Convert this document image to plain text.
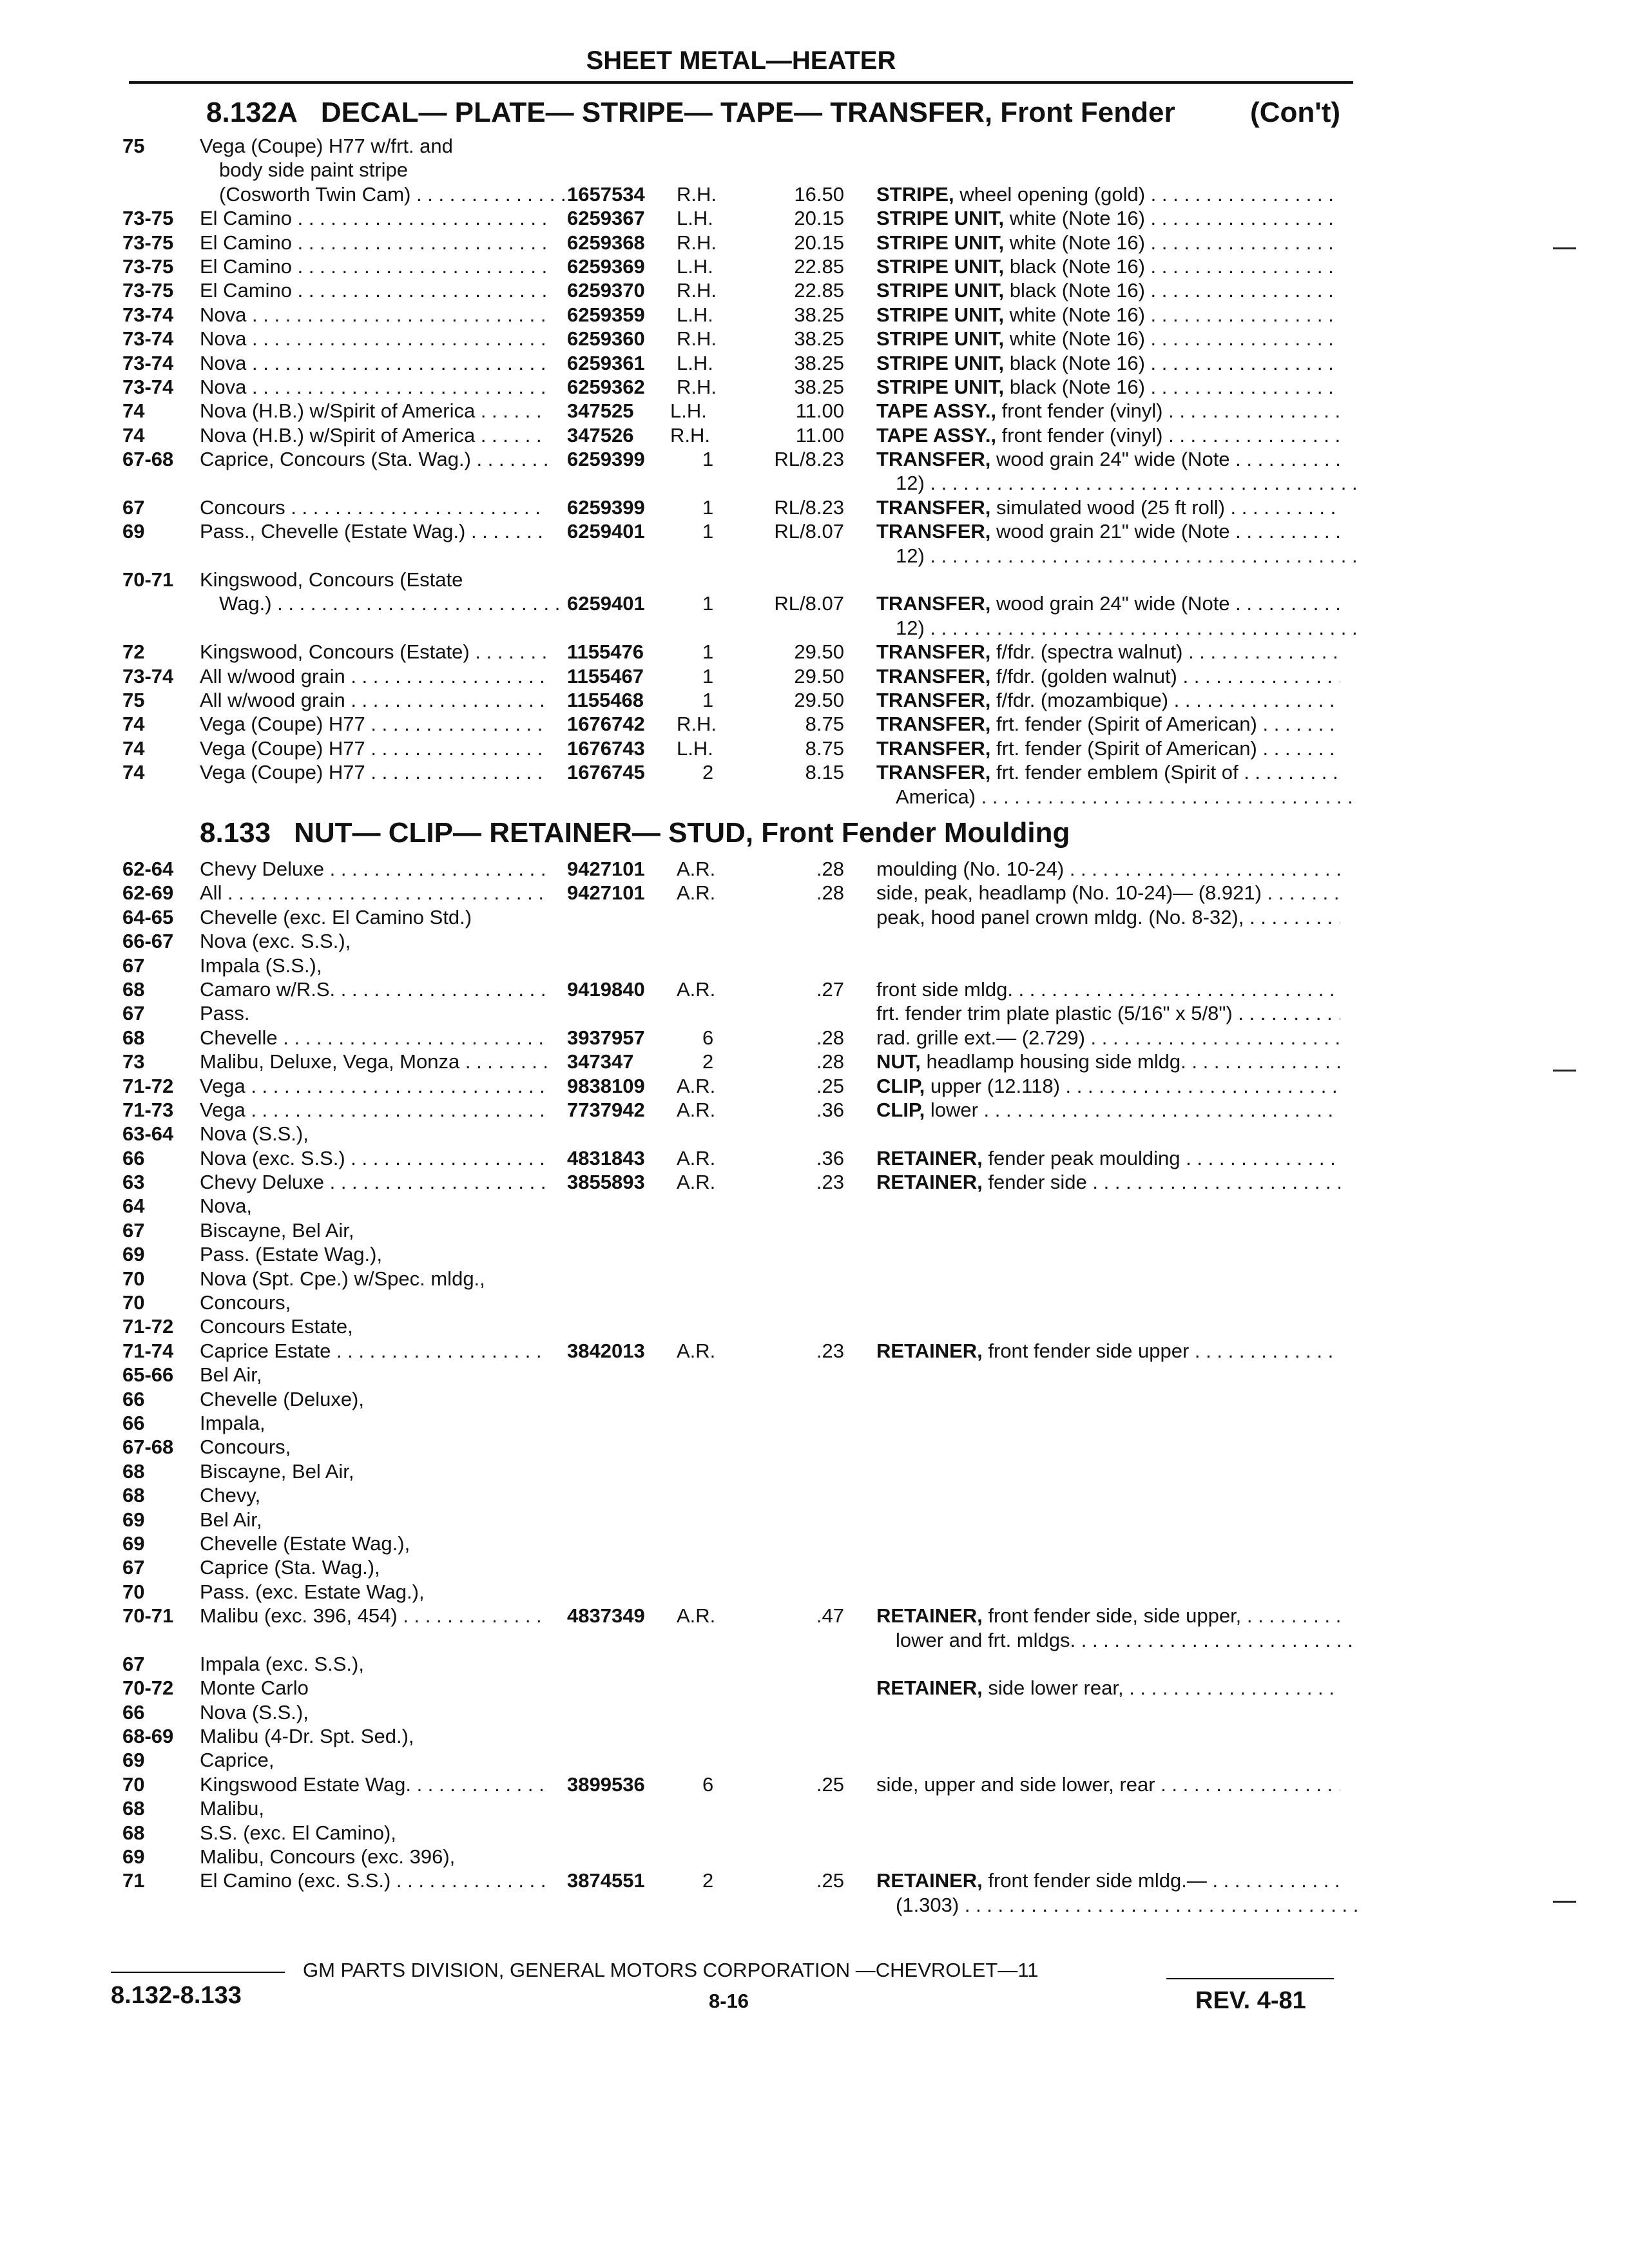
SHEET METAL—HEATER
8.132A DECAL— PLATE— STRIPE— TAPE— TRANSFER, Front Fender	(Con't)
75	Vega (Coupe) H77 w/frt. and
body side paint stripe
(Cosworth Twin Cam) . . .	1657534 R.H.	16.50 STRIPE, wheel opening (gold) . . .
73-75 El Camino . . .	6259367 L.H.	20.15 STRIPE UNIT, white (Note 16) . . .
73-75 El Camino . . .	6259368 R.H.	20.15 STRIPE UNIT, white (Note 16) . . .
73-75 El Camino . . .	6259369 L.H.	22.85 STRIPE UNIT, black (Note 16) . . .
73-75 El Camino . . .	6259370 R.H.	22.85 STRIPE UNIT, black (Note 16) . . .
73-74 Nova . . .	6259359 L.H.	38.25 STRIPE UNIT, white (Note 16) . . .
73-74 Nova . . .	6259360 R.H.	38.25 STRIPE UNIT, white (Note 16) . . .
73-74 Nova . . .	6259361 L.H.	38.25 STRIPE UNIT, black (Note 16) . . .
73-74 Nova . . .	6259362 R.H.	38.25 STRIPE UNIT, black (Note 16) . . .
74	Nova (H.B.) w/Spirit of America . . .	347525 L.H.	11.00 TAPE ASSY., front fender (vinyl) . . .
74	Nova (H.B.) w/Spirit of America . . .	347526 R.H.	11.00 TAPE ASSY., front fender (vinyl) . . .
67-68 Caprice, Concours (Sta. Wag.) . . .	6259399	1	RL/8.23 TRANSFER, wood grain 24" wide (Note . . .
12) . . .
67	Concours . . .	6259399	1	RL/8.23 TRANSFER, simulated wood (25 ft roll) . . .
69	Pass., Chevelle (Estate Wag.) . . .	6259401	1	RL/8.07 TRANSFER, wood grain 21" wide (Note . . .
12) . . .
70-71 Kingswood, Concours (Estate
Wag.) . . .	6259401	1	RL/8.07 TRANSFER, wood grain 24" wide (Note . . .
12) . . .
72	Kingswood, Concours (Estate) . . .	1155476	1	29.50 TRANSFER, f/fdr. (spectra walnut) . . .
73-74 All w/wood grain . . .	1155467	1	29.50 TRANSFER, f/fdr. (golden walnut) . . .
75	All w/wood grain . . .	1155468	1	29.50 TRANSFER, f/fdr. (mozambique) . . .
74	Vega (Coupe) H77 . . .	1676742 R.H.	8.75 TRANSFER, frt. fender (Spirit of American) . . .
74	Vega (Coupe) H77 . . .	1676743 L.H.	8.75 TRANSFER, frt. fender (Spirit of American) . . .
74	Vega (Coupe) H77 . . .	1676745	2	8.15 TRANSFER, frt. fender emblem (Spirit of . . .
America) . . .
8.133 NUT— CLIP— RETAINER— STUD, Front Fender Moulding
62-64 Chevy Deluxe . . .	9427101 A.R.	.28 moulding (No. 10-24) . . .
62-69 All . . .	9427101 A.R.	.28 side, peak, headlamp (No. 10-24)— (8.921) . . .
64-65 Chevelle (exc. El Camino Std.)	peak, hood panel crown mldg. (No. 8-32), . . .
66-67 Nova (exc. S.S.),
67	Impala (S.S.),
68	Camaro w/R.S. . . .	9419840 A.R.	.27 front side mldg. . . .
67	Pass.	frt. fender trim plate plastic (5/16" x 5/8") . . .
68	Chevelle . . .	3937957	6	.28 rad. grille ext.— (2.729) . . .
73	Malibu, Deluxe, Vega, Monza . . .	347347	2	.28 NUT, headlamp housing side mldg. . . .
71-72 Vega . . .	9838109 A.R.	.25 CLIP, upper (12.118) . . .
71-73 Vega . . .	7737942 A.R.	.36 CLIP, lower . . .
63-64 Nova (S.S.),
66	Nova (exc. S.S.) . . .	4831843 A.R.	.36 RETAINER, fender peak moulding . . .
63	Chevy Deluxe . . .	3855893 A.R.	.23 RETAINER, fender side . . .
64	Nova,
67	Biscayne, Bel Air,
69	Pass. (Estate Wag.),
70	Nova (Spt. Cpe.) w/Spec. mldg.,
70	Concours,
71-72 Concours Estate,
71-74 Caprice Estate . . .	3842013 A.R.	.23 RETAINER, front fender side upper . . .
65-66 Bel Air,
66	Chevelle (Deluxe),
66	Impala,
67-68 Concours,
68	Biscayne, Bel Air,
68	Chevy,
69	Bel Air,
69	Chevelle (Estate Wag.),
67	Caprice (Sta. Wag.),
70	Pass. (exc. Estate Wag.),
70-71 Malibu (exc. 396, 454) . . .	4837349 A.R.	.47 RETAINER, front fender side, side upper, . . .
lower and frt. mldgs. . . .
67	Impala (exc. S.S.),
70-72 Monte Carlo	RETAINER, side lower rear, . . .
66	Nova (S.S.),
68-69 Malibu (4-Dr. Spt. Sed.),
69	Caprice,
70	Kingswood Estate Wag. . . .	3899536	6	.25 side, upper and side lower, rear . . .
68	Malibu,
68	S.S. (exc. El Camino),
69	Malibu, Concours (exc. 396),
71	El Camino (exc. S.S.) . . .	3874551	2	.25 RETAINER, front fender side mldg.— . . .
(1.303) . . .
GM PARTS DIVISION, GENERAL MOTORS CORPORATION —CHEVROLET—11
8.132-8.133	8-16	REV. 4-81
